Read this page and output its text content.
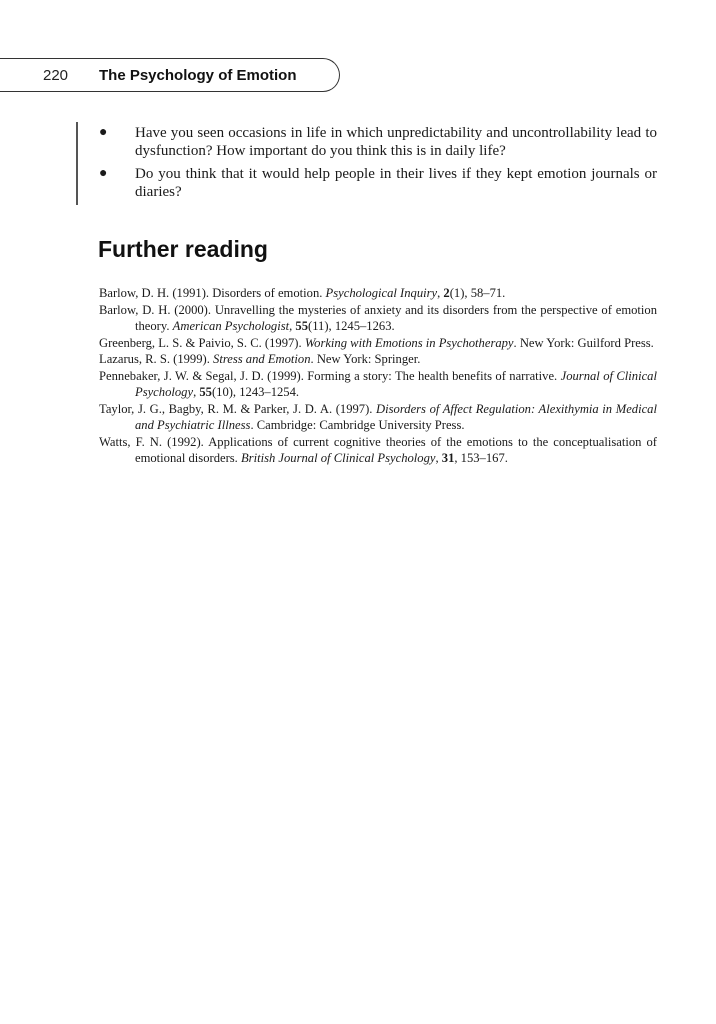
220 The Psychology of Emotion
● Have you seen occasions in life in which unpredictability and uncontrollability lead to dysfunction? How important do you think this is in daily life?
● Do you think that it would help people in their lives if they kept emotion journals or diaries?
Further reading
Barlow, D. H. (1991). Disorders of emotion. Psychological Inquiry, 2(1), 58–71.
Barlow, D. H. (2000). Unravelling the mysteries of anxiety and its disorders from the perspective of emotion theory. American Psychologist, 55(11), 1245–1263.
Greenberg, L. S. & Paivio, S. C. (1997). Working with Emotions in Psychotherapy. New York: Guilford Press.
Lazarus, R. S. (1999). Stress and Emotion. New York: Springer.
Pennebaker, J. W. & Segal, J. D. (1999). Forming a story: The health benefits of narrative. Journal of Clinical Psychology, 55(10), 1243–1254.
Taylor, J. G., Bagby, R. M. & Parker, J. D. A. (1997). Disorders of Affect Regulation: Alexithymia in Medical and Psychiatric Illness. Cambridge: Cambridge University Press.
Watts, F. N. (1992). Applications of current cognitive theories of the emotions to the conceptualisation of emotional disorders. British Journal of Clinical Psychology, 31, 153–167.
